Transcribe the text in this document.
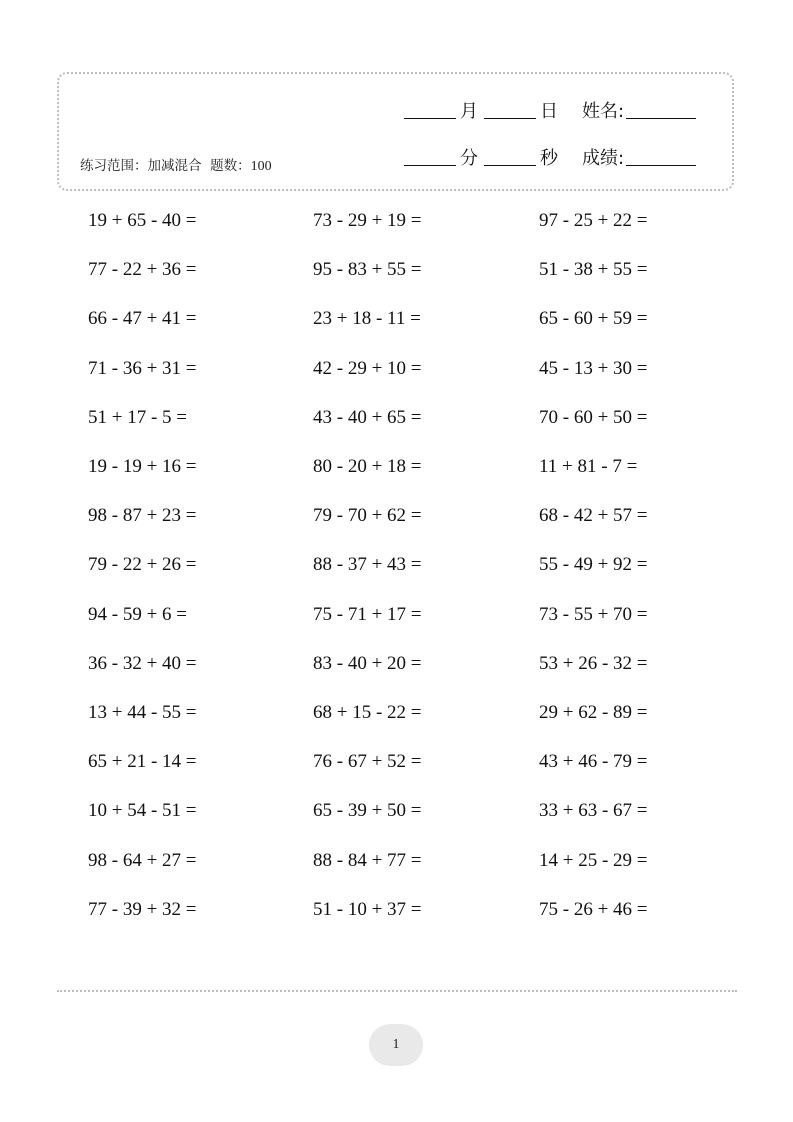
月	日 姓名:
分	秒 成绩:
练习范围：加减混合 题数：100
19 + 65 - 40 =	73 - 29 + 19 =	97 - 25 + 22 =
77 - 22 + 36 =	95 - 83 + 55 =	51 - 38 + 55 =
66 - 47 + 41 =	23 + 18 - 11 =	65 - 60 + 59 =
71 - 36 + 31 =	42 - 29 + 10 =	45 - 13 + 30 =
51 + 17 - 5 =	43 - 40 + 65 =	70 - 60 + 50 =
19 - 19 + 16 =	80 - 20 + 18 =	11 + 81 - 7 =
98 - 87 + 23 =	79 - 70 + 62 =	68 - 42 + 57 =
79 - 22 + 26 =	88 - 37 + 43 =	55 - 49 + 92 =
94 - 59 + 6 =	75 - 71 + 17 =	73 - 55 + 70 =
36 - 32 + 40 =	83 - 40 + 20 =	53 + 26 - 32 =
13 + 44 - 55 =	68 + 15 - 22 =	29 + 62 - 89 =
65 + 21 - 14 =	76 - 67 + 52 =	43 + 46 - 79 =
10 + 54 - 51 =	65 - 39 + 50 =	33 + 63 - 67 =
98 - 64 + 27 =	88 - 84 + 77 =	14 + 25 - 29 =
77 - 39 + 32 =	51 - 10 + 37 =	75 - 26 + 46 =
1
